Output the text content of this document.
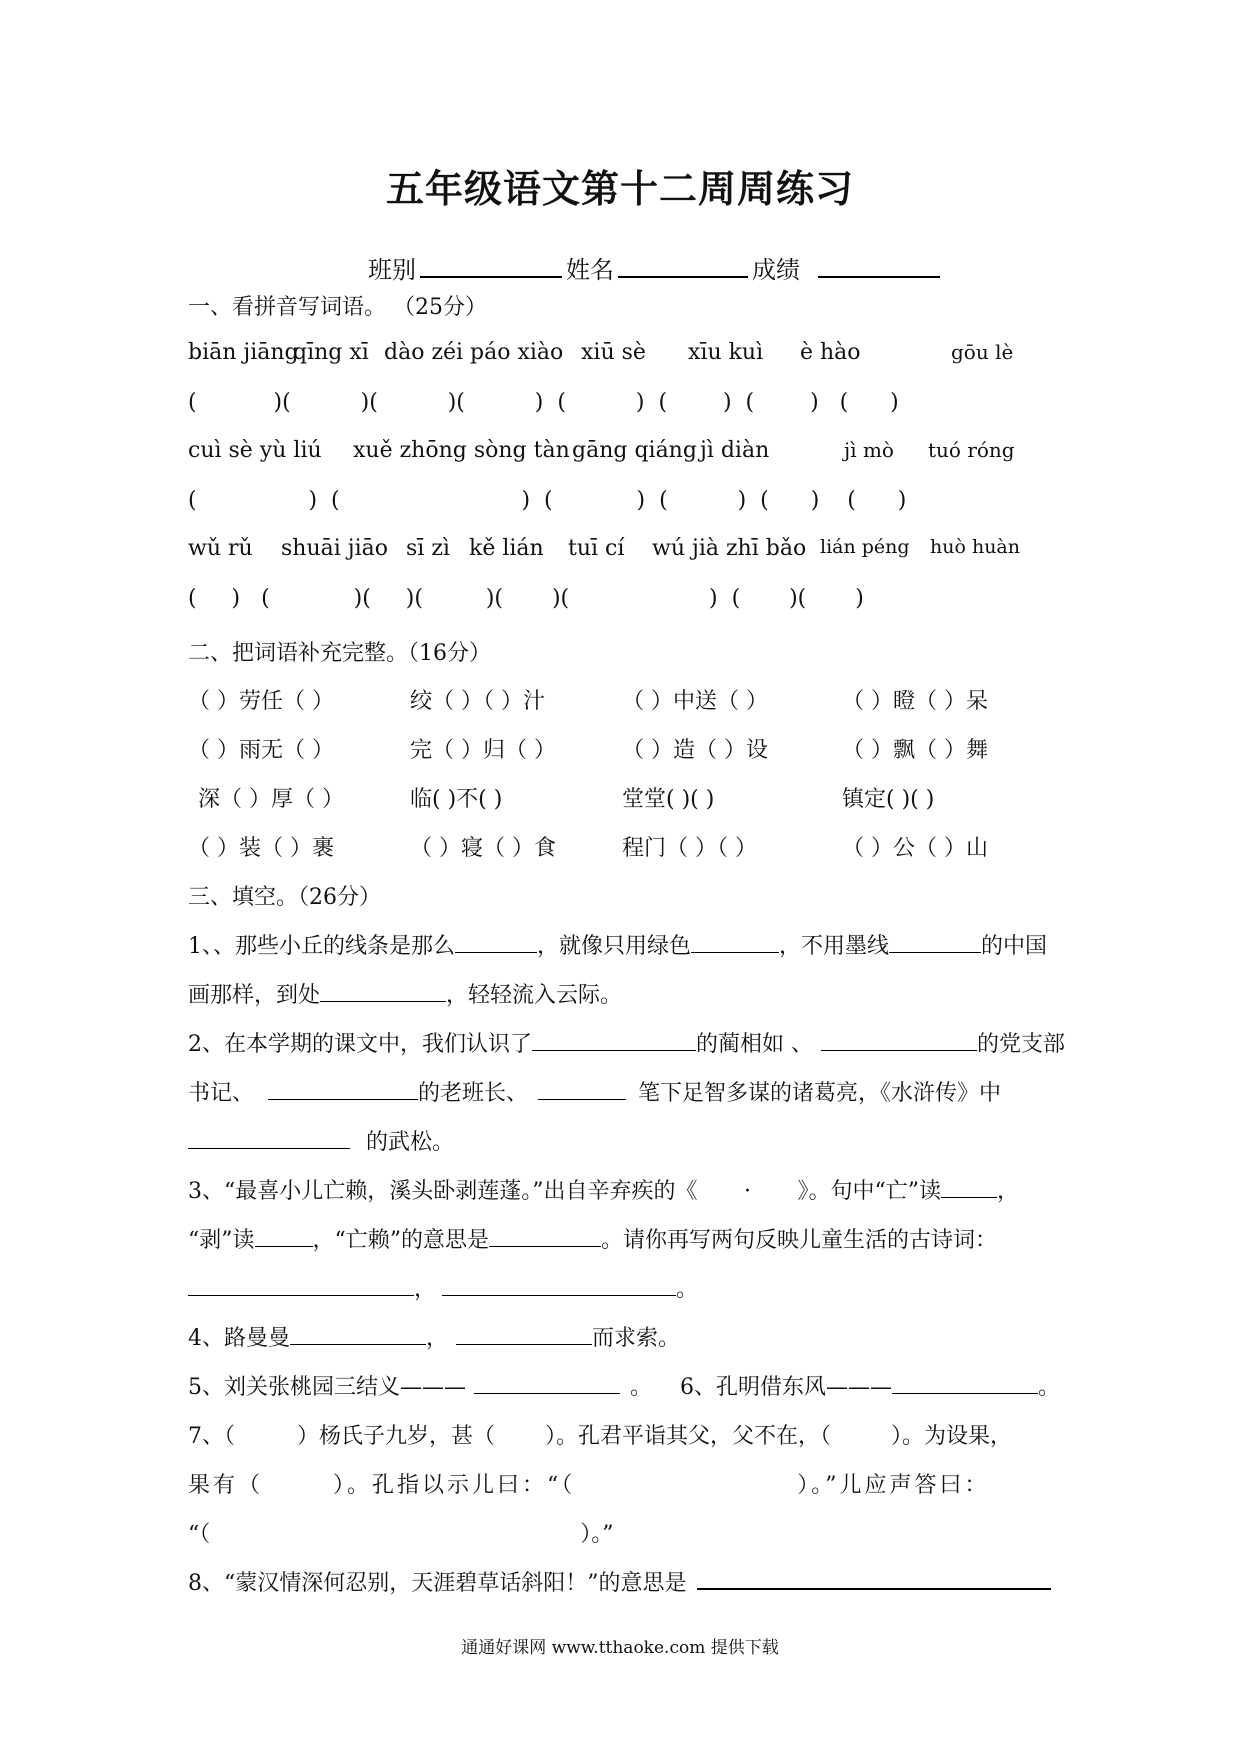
五年级语文第十二周周练习
班别	姓名	成绩
一、看拼音写词语。 （25分）
biān jiāng
qīng xī dào zéi páo xiào xiū sè xīu kuì è hào	gōu lè
(           )(          )(          )(          )  (          )  (        )  (        )   (      )
cuì sè yù liú xuě zhōng sòng tàn gāng qiáng jì diàn	jì mò tuó róng
(                )  (                          )  (            )  (          )  (      )    (      )
wǔ rǔ shuāi jiāo sī zì kě lián tuī cí wú jià zhī bǎo lián péng huò huàn
(     )   (            )(     )(         )(       )(                    )  (       )(       )
二、把词语补充完整。（16分）
（ ）劳任（ ）	绞（ ）（ ）汁	（ ）中送（ ）	（ ）瞪（ ）呆
（ ）雨无（ ）	完（ ）归（ ）	（ ）造（ ）设	（ ）飘（ ）舞
深（ ）厚（ ）	临( )不( )	堂堂( )( )	镇定( )( )
（ ）装（ ）裹	（ ）寝（ ）食	程门（ ）（ ）	（ ）公（ ）山
三、填空。（26分）
1、、那些小丘的线条是那么	，就像只用绿色	，不用墨线	的中国
画那样，到处	，轻轻流入云际。
2、在本学期的课文中，我们认识了	的蔺相如 、	的党支部
书记、	的老班长、	笔下足智多谋的诸葛亮，《水浒传》中
的武松。
3、“最喜小儿亡赖，溪头卧剥莲蓬。”出自辛弃疾的《 · 》。句中“亡”读	，
“剥”读	，“亡赖”的意思是	。请你再写两句反映儿童生活的古诗词：
，	。
4、路曼曼	，	而求索。
5、刘关张桃园三结义———	。 6、孔明借东风———	。
7、（	）杨氏子九岁，甚（ ）。孔君平诣其父，父不在，（	）。为设果，
果有（	）。孔指以示儿曰：“（	）。”儿应声答曰：
“（	）。”
8、“蒙汉情深何忍别，天涯碧草话斜阳！”的意思是
通通好课网 www.tthaoke.com 提供下载
